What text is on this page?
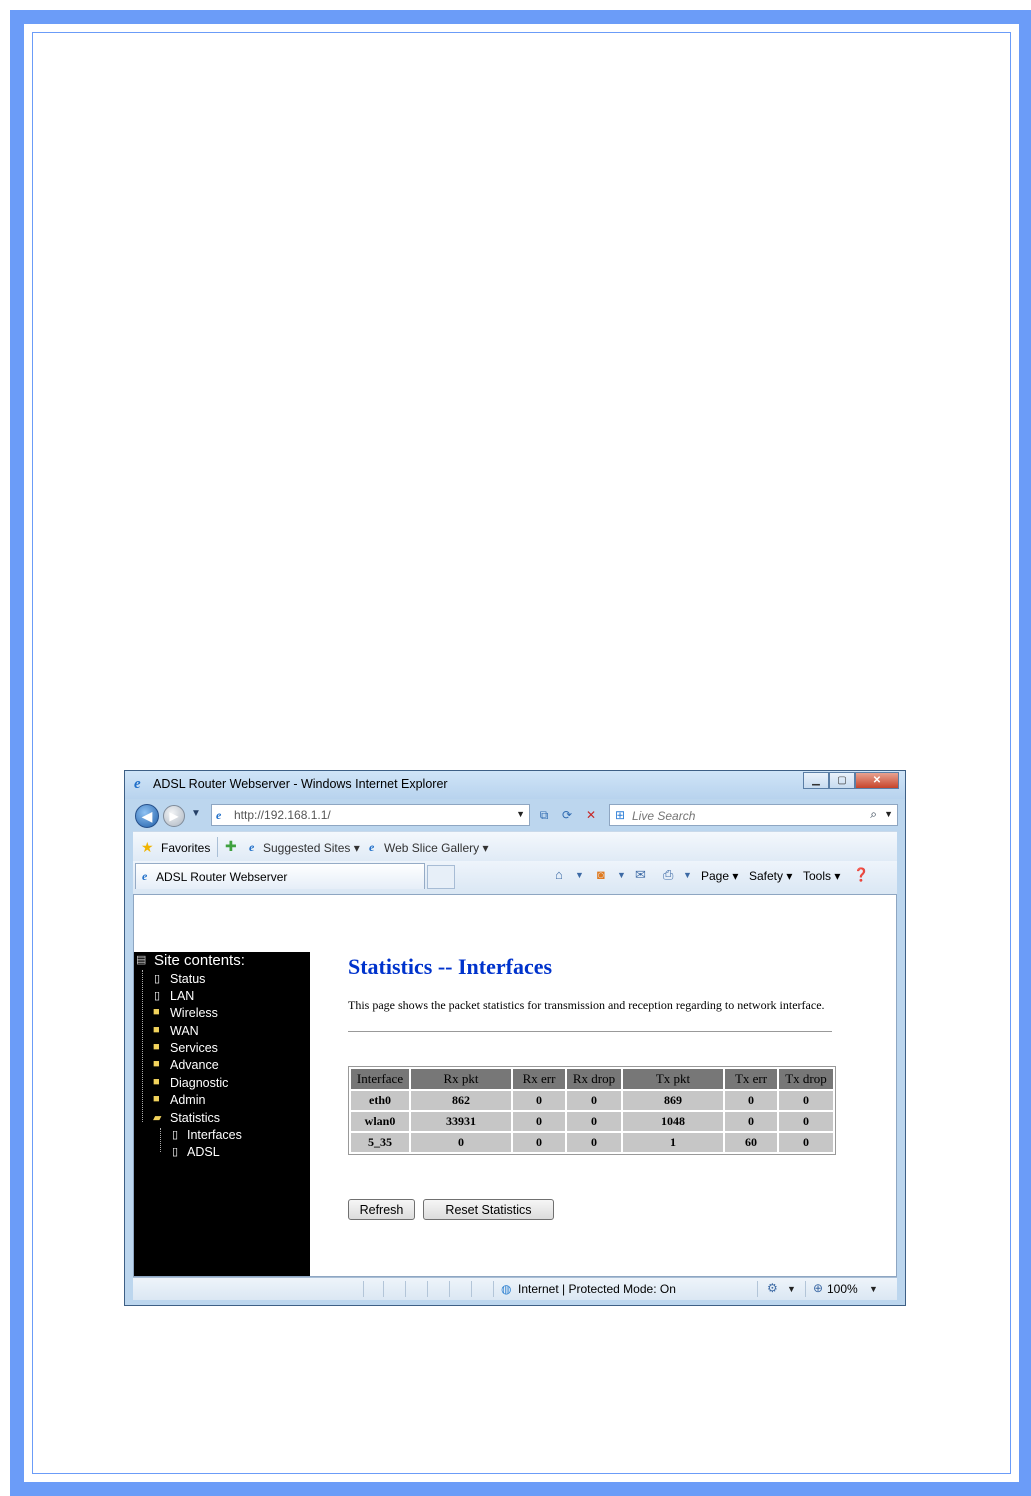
e ADSL Router Webserver - Windows Internet Explorer	▁	▢	✕
◀ ▶ ▼ e http://192.168.1.1/	▼	⧉	⟳	✕	⊞
Live Search	⌕ ▼
★ Favorites ✚ e Suggested Sites ▾ e Web Slice Gallery ▾
e ADSL Router Webserver	⌂ ▼ ◙ ▼ ✉ ⎙ ▼ Page ▾ Safety ▾ Tools ▾ ❓
▤ Site contents:
▯ Status
▯ LAN
■ Wireless
■ WAN
■ Services
■ Advance
■ Diagnostic
■ Admin
▰ Statistics
▯ Interfaces
▯ ADSL
Statistics -- Interfaces
This page shows the packet statistics for transmission and reception regarding to network interface.
Interface	Rx pkt	Rx err	Rx drop	Tx pkt	Tx err	Tx drop
eth0	862	0	0	869	0	0
wlan0	33931	0	0	1048	0	0
5_35	0	0	0	1	60	0
Refresh	Reset Statistics
◍ Internet | Protected Mode: On	⚙ ▼ ⊕ 100% ▼
